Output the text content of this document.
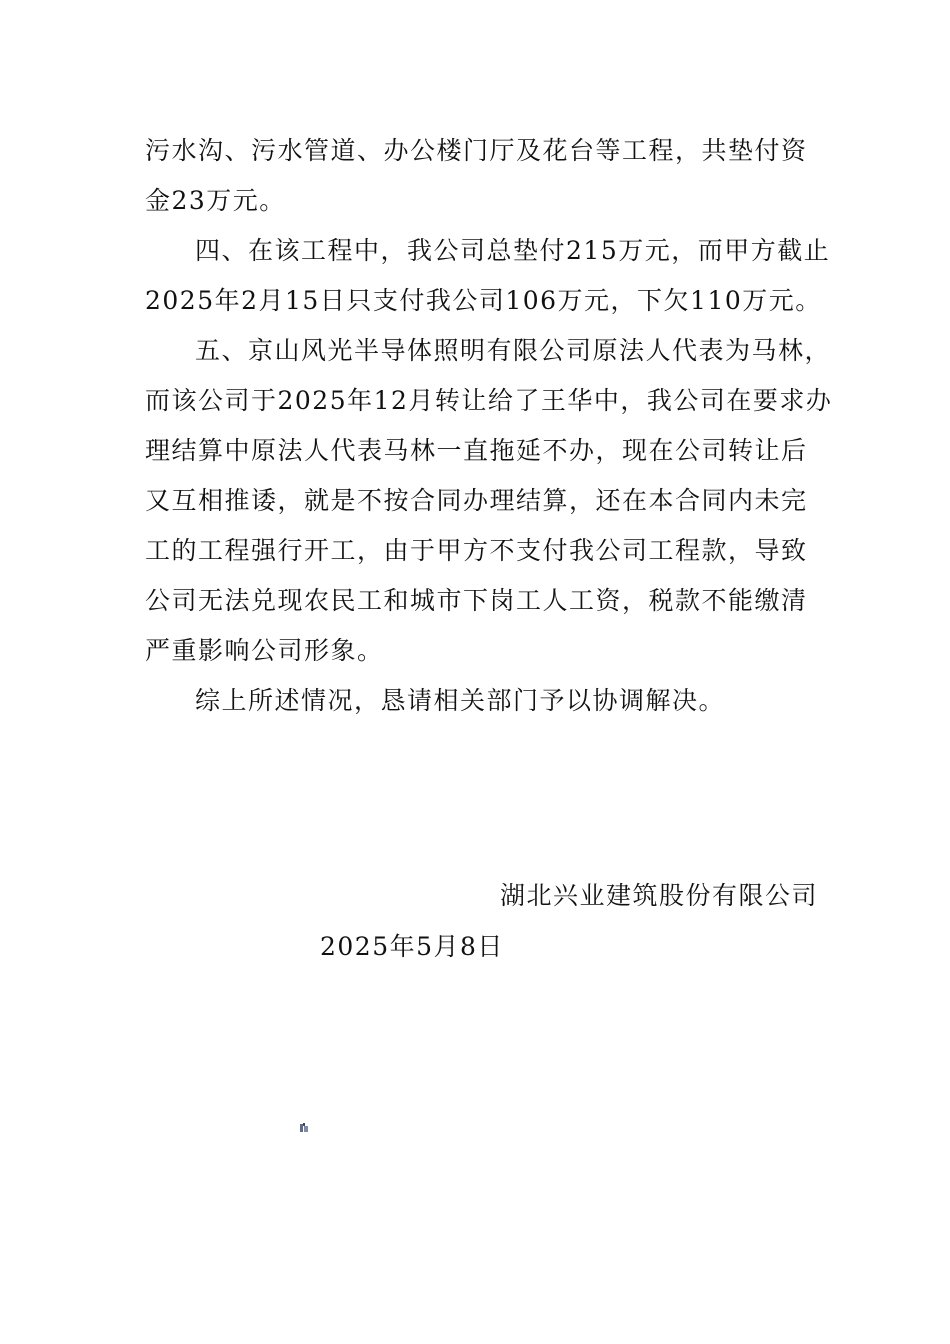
污水沟、污水管道、办公楼门厅及花台等工程，共垫付资
金23万元。
四、在该工程中，我公司总垫付215万元，而甲方截止
2025年2月15日只支付我公司106万元，下欠110万元。
五、京山风光半导体照明有限公司原法人代表为马林，
而该公司于2025年12月转让给了王华中，我公司在要求办
理结算中原法人代表马林一直拖延不办，现在公司转让后
又互相推诿，就是不按合同办理结算，还在本合同内未完
工的工程强行开工，由于甲方不支付我公司工程款，导致
公司无法兑现农民工和城市下岗工人工资，税款不能缴清
严重影响公司形象。
综上所述情况，恳请相关部门予以协调解决。
湖北兴业建筑股份有限公司
2025年5月8日
